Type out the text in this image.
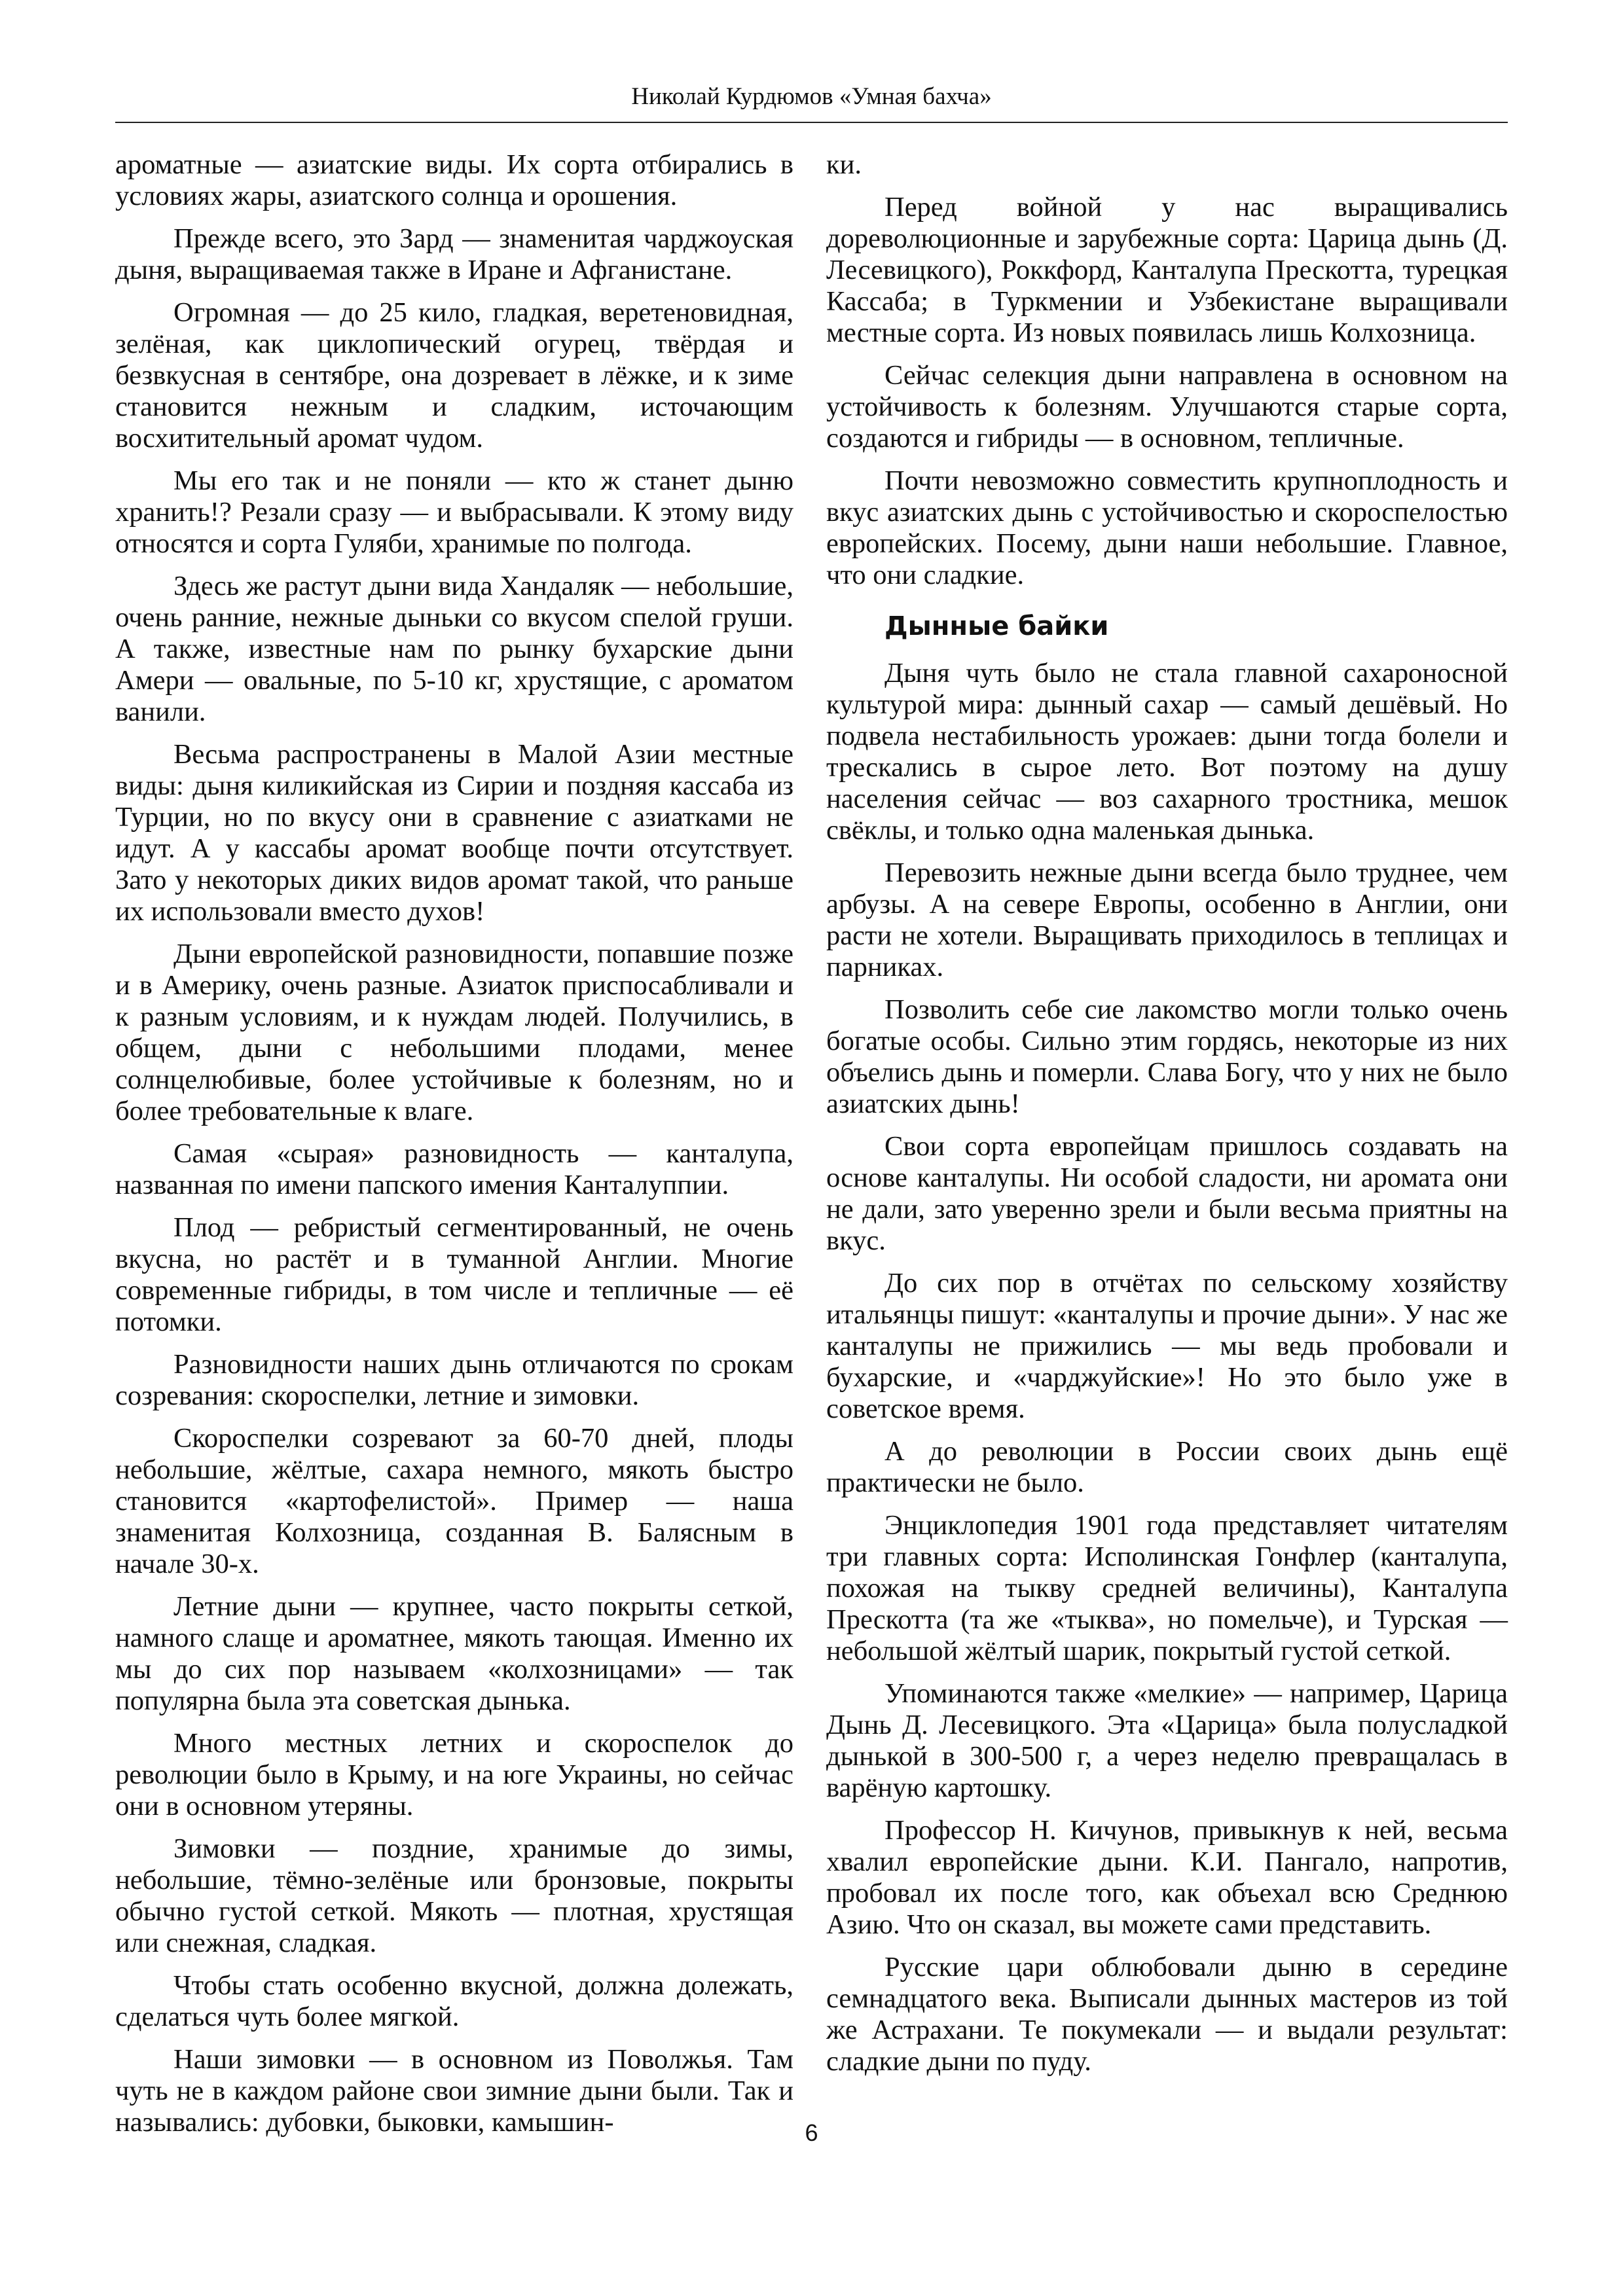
Николай Курдюмов «Умная бахча»

ароматные — азиатские виды. Их сорта отбирались в условиях жары, азиатского солнца и орошения.

Прежде всего, это Зард — знаменитая чарджоуская дыня, выращиваемая также в Иране и Афганистане.

Огромная — до 25 кило, гладкая, веретеновидная, зелёная, как циклопический огурец, твёрдая и безвкусная в сентябре, она дозревает в лёжке, и к зиме становится нежным и сладким, источающим восхитительный аромат чудом.

Мы его так и не поняли — кто ж станет дыню хранить!? Резали сразу — и выбрасывали. К этому виду относятся и сорта Гуляби, хранимые по полгода.

Здесь же растут дыни вида Хандаляк — небольшие, очень ранние, нежные дыньки со вкусом спелой груши. А также, известные нам по рынку бухарские дыни Амери — овальные, по 5-10 кг, хрустящие, с ароматом ванили.

Весьма распространены в Малой Азии местные виды: дыня киликийская из Сирии и поздняя кассаба из Турции, но по вкусу они в сравнение с азиатками не идут. А у кассабы аромат вообще почти отсутствует. Зато у некоторых диких видов аромат такой, что раньше их использовали вместо духов!

Дыни европейской разновидности, попавшие позже и в Америку, очень разные. Азиаток приспосабливали и к разным условиям, и к нуждам людей. Получились, в общем, дыни с небольшими плодами, менее солнцелюбивые, более устойчивые к болезням, но и более требовательные к влаге.

Самая «сырая» разновидность — канталупа, названная по имени папского имения Канталуппии.

Плод — ребристый сегментированный, не очень вкусна, но растёт и в туманной Англии. Многие современные гибриды, в том числе и тепличные — её потомки.

Разновидности наших дынь отличаются по срокам созревания: скороспелки, летние и зимовки.

Скороспелки созревают за 60-70 дней, плоды небольшие, жёлтые, сахара немного, мякоть быстро становится «картофелистой». Пример — наша знаменитая Колхозница, созданная В. Балясным в начале 30-х.

Летние дыни — крупнее, часто покрыты сеткой, намного слаще и ароматнее, мякоть тающая. Именно их мы до сих пор называем «колхозницами» — так популярна была эта советская дынька.

Много местных летних и скороспелок до революции было в Крыму, и на юге Украины, но сейчас они в основном утеряны.

Зимовки — поздние, хранимые до зимы, небольшие, тёмно-зелёные или бронзовые, покрыты обычно густой сеткой. Мякоть — плотная, хрустящая или снежная, сладкая.

Чтобы стать особенно вкусной, должна долежать, сделаться чуть более мягкой.

Наши зимовки — в основном из Поволжья. Там чуть не в каждом районе свои зимние дыни были. Так и назывались: дубовки, быковки, камышин-

ки.

Перед войной у нас выращивались дореволюционные и зарубежные сорта: Царица дынь (Д. Лесевицкого), Роккфорд, Канталупа Прескотта, турецкая Кассаба; в Туркмении и Узбекистане выращивали местные сорта. Из новых появилась лишь Колхозница.

Сейчас селекция дыни направлена в основном на устойчивость к болезням. Улучшаются старые сорта, создаются и гибриды — в основном, тепличные.

Почти невозможно совместить крупноплодность и вкус азиатских дынь с устойчивостью и скороспелостью европейских. Посему, дыни наши небольшие. Главное, что они сладкие.

Дынные байки

Дыня чуть было не стала главной сахароносной культурой мира: дынный сахар — самый дешёвый. Но подвела нестабильность урожаев: дыни тогда болели и трескались в сырое лето. Вот поэтому на душу населения сейчас — воз сахарного тростника, мешок свёклы, и только одна маленькая дынька.

Перевозить нежные дыни всегда было труднее, чем арбузы. А на севере Европы, особенно в Англии, они расти не хотели. Выращивать приходилось в теплицах и парниках.

Позволить себе сие лакомство могли только очень богатые особы. Сильно этим гордясь, некоторые из них объелись дынь и померли. Слава Богу, что у них не было азиатских дынь!

Свои сорта европейцам пришлось создавать на основе канталупы. Ни особой сладости, ни аромата они не дали, зато уверенно зрели и были весьма приятны на вкус.

До сих пор в отчётах по сельскому хозяйству итальянцы пишут: «канталупы и прочие дыни». У нас же канталупы не прижились — мы ведь пробовали и бухарские, и «чарджуйские»! Но это было уже в советское время.

А до революции в России своих дынь ещё практически не было.

Энциклопедия 1901 года представляет читателям три главных сорта: Исполинская Гонфлер (канталупа, похожая на тыкву средней величины), Канталупа Прескотта (та же «тыква», но помельче), и Турская — небольшой жёлтый шарик, покрытый густой сеткой.

Упоминаются также «мелкие» — например, Царица Дынь Д. Лесевицкого. Эта «Царица» была полусладкой дынькой в 300-500 г, а через неделю превращалась в варёную картошку.

Профессор Н. Кичунов, привыкнув к ней, весьма хвалил европейские дыни. К.И. Пангало, напротив, пробовал их после того, как объехал всю Среднюю Азию. Что он сказал, вы можете сами представить.

Русские цари облюбовали дыню в середине семнадцатого века. Выписали дынных мастеров из той же Астрахани. Те покумекали — и выдали результат: сладкие дыни по пуду.

6
